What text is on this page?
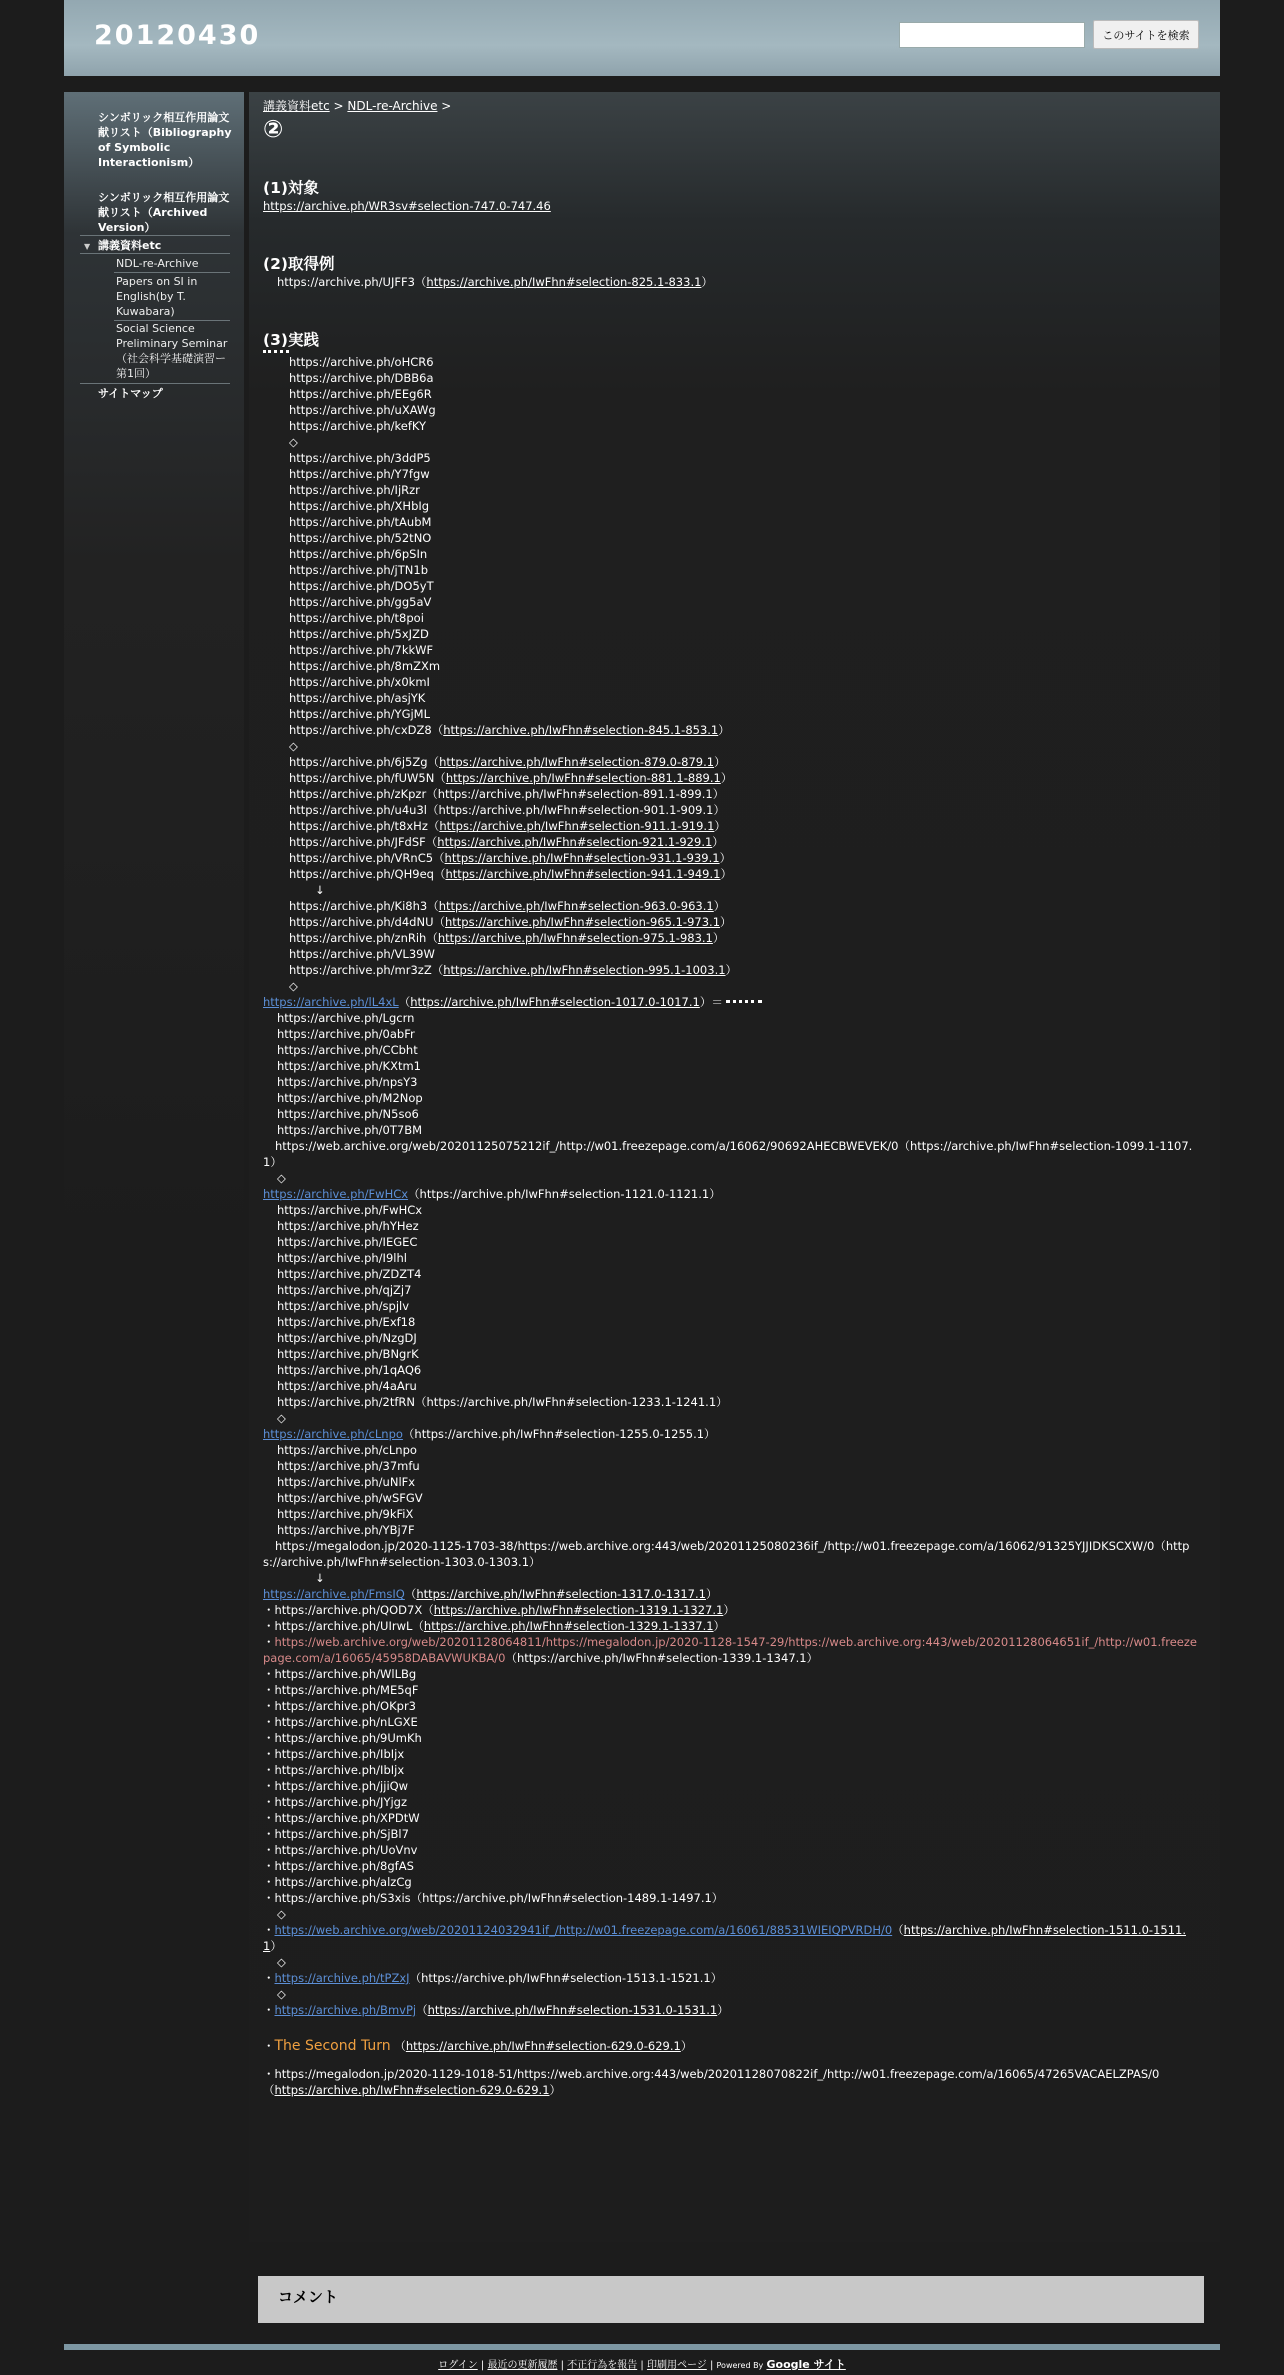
20120430	このサイトを検索
シンボリック相互作用論文献リスト（Bibliography of Symbolic Interactionism）
シンボリック相互作用論文献リスト（Archived Version）
▼ 講義資料etc
NDL-re-Archive
Papers on SI in English(by T. Kuwabara)
Social Science Preliminary Seminar（社会科学基礎演習ー第1回）
サイトマップ
講義資料etc > NDL-re-Archive >
②
(1)対象
https://archive.ph/WR3sv#selection-747.0-747.46
(2)取得例
https://archive.ph/UJFF3（https://archive.ph/IwFhn#selection-825.1-833.1）
(3)実践
https://archive.ph/oHCR6
https://archive.ph/DBB6a
https://archive.ph/EEg6R
https://archive.ph/uXAWg
https://archive.ph/kefKY
◇
https://archive.ph/3ddP5
https://archive.ph/Y7fgw
https://archive.ph/IjRzr
https://archive.ph/XHbIg
https://archive.ph/tAubM
https://archive.ph/52tNO
https://archive.ph/6pSIn
https://archive.ph/jTN1b
https://archive.ph/DO5yT
https://archive.ph/gg5aV
https://archive.ph/t8poi
https://archive.ph/5xJZD
https://archive.ph/7kkWF
https://archive.ph/8mZXm
https://archive.ph/x0kmI
https://archive.ph/asjYK
https://archive.ph/YGjML
https://archive.ph/cxDZ8（https://archive.ph/IwFhn#selection-845.1-853.1）
◇
https://archive.ph/6j5Zg（https://archive.ph/IwFhn#selection-879.0-879.1）
https://archive.ph/fUW5N（https://archive.ph/IwFhn#selection-881.1-889.1）
https://archive.ph/zKpzr（https://archive.ph/IwFhn#selection-891.1-899.1）
https://archive.ph/u4u3l（https://archive.ph/IwFhn#selection-901.1-909.1）
https://archive.ph/t8xHz（https://archive.ph/IwFhn#selection-911.1-919.1）
https://archive.ph/JFdSF（https://archive.ph/IwFhn#selection-921.1-929.1）
https://archive.ph/VRnC5（https://archive.ph/IwFhn#selection-931.1-939.1）
https://archive.ph/QH9eq（https://archive.ph/IwFhn#selection-941.1-949.1）
↓
https://archive.ph/Ki8h3（https://archive.ph/IwFhn#selection-963.0-963.1）
https://archive.ph/d4dNU（https://archive.ph/IwFhn#selection-965.1-973.1）
https://archive.ph/znRih（https://archive.ph/IwFhn#selection-975.1-983.1）
https://archive.ph/VL39W
https://archive.ph/mr3zZ（https://archive.ph/IwFhn#selection-995.1-1003.1）
◇
https://archive.ph/lL4xL（https://archive.ph/IwFhn#selection-1017.0-1017.1）＝
https://archive.ph/Lgcrn
https://archive.ph/0abFr
https://archive.ph/CCbht
https://archive.ph/KXtm1
https://archive.ph/npsY3
https://archive.ph/M2Nop
https://archive.ph/N5so6
https://archive.ph/0T7BM
https://web.archive.org/web/20201125075212if_/http://w01.freezepage.com/a/16062/90692AHECBWEVEK/0（https://archive.ph/IwFhn#selection-1099.1-1107.1）
◇
https://archive.ph/FwHCx（https://archive.ph/IwFhn#selection-1121.0-1121.1）
https://archive.ph/FwHCx
https://archive.ph/hYHez
https://archive.ph/IEGEC
https://archive.ph/I9lhl
https://archive.ph/ZDZT4
https://archive.ph/qjZj7
https://archive.ph/spjlv
https://archive.ph/Exf18
https://archive.ph/NzgDJ
https://archive.ph/BNgrK
https://archive.ph/1qAQ6
https://archive.ph/4aAru
https://archive.ph/2tfRN（https://archive.ph/IwFhn#selection-1233.1-1241.1）
◇
https://archive.ph/cLnpo（https://archive.ph/IwFhn#selection-1255.0-1255.1）
https://archive.ph/cLnpo
https://archive.ph/37mfu
https://archive.ph/uNlFx
https://archive.ph/wSFGV
https://archive.ph/9kFiX
https://archive.ph/YBj7F
https://megalodon.jp/2020-1125-1703-38/https://web.archive.org:443/web/20201125080236if_/http://w01.freezepage.com/a/16062/91325YJJIDKSCXW/0（https://archive.ph/IwFhn#selection-1303.0-1303.1）
↓
https://archive.ph/FmsIQ（https://archive.ph/IwFhn#selection-1317.0-1317.1）
・https://archive.ph/QOD7X（https://archive.ph/IwFhn#selection-1319.1-1327.1）
・https://archive.ph/UIrwL（https://archive.ph/IwFhn#selection-1329.1-1337.1）
・https://web.archive.org/web/20201128064811/https://megalodon.jp/2020-1128-1547-29/https://web.archive.org:443/web/20201128064651if_/http://w01.freezepage.com/a/16065/45958DABAVWUKBA/0（https://archive.ph/IwFhn#selection-1339.1-1347.1）
・https://archive.ph/WlLBg
・https://archive.ph/ME5qF
・https://archive.ph/OKpr3
・https://archive.ph/nLGXE
・https://archive.ph/9UmKh
・https://archive.ph/IbIjx
・https://archive.ph/IbIjx
・https://archive.ph/jjiQw
・https://archive.ph/JYjgz
・https://archive.ph/XPDtW
・https://archive.ph/SjBl7
・https://archive.ph/UoVnv
・https://archive.ph/8gfAS
・https://archive.ph/alzCg
・https://archive.ph/S3xis（https://archive.ph/IwFhn#selection-1489.1-1497.1）
◇
・https://web.archive.org/web/20201124032941if_/http://w01.freezepage.com/a/16061/88531WIEIQPVRDH/0（https://archive.ph/IwFhn#selection-1511.0-1511.1）
◇
・https://archive.ph/tPZxJ（https://archive.ph/IwFhn#selection-1513.1-1521.1）
◇
・https://archive.ph/BmvPj（https://archive.ph/IwFhn#selection-1531.0-1531.1）
・The Second Turn （https://archive.ph/IwFhn#selection-629.0-629.1）
・https://megalodon.jp/2020-1129-1018-51/https://web.archive.org:443/web/20201128070822if_/http://w01.freezepage.com/a/16065/47265VACAELZPAS/0
（https://archive.ph/IwFhn#selection-629.0-629.1）
コメント
ログイン | 最近の更新履歴 | 不正行為を報告 | 印刷用ページ | Powered By Google サイト
